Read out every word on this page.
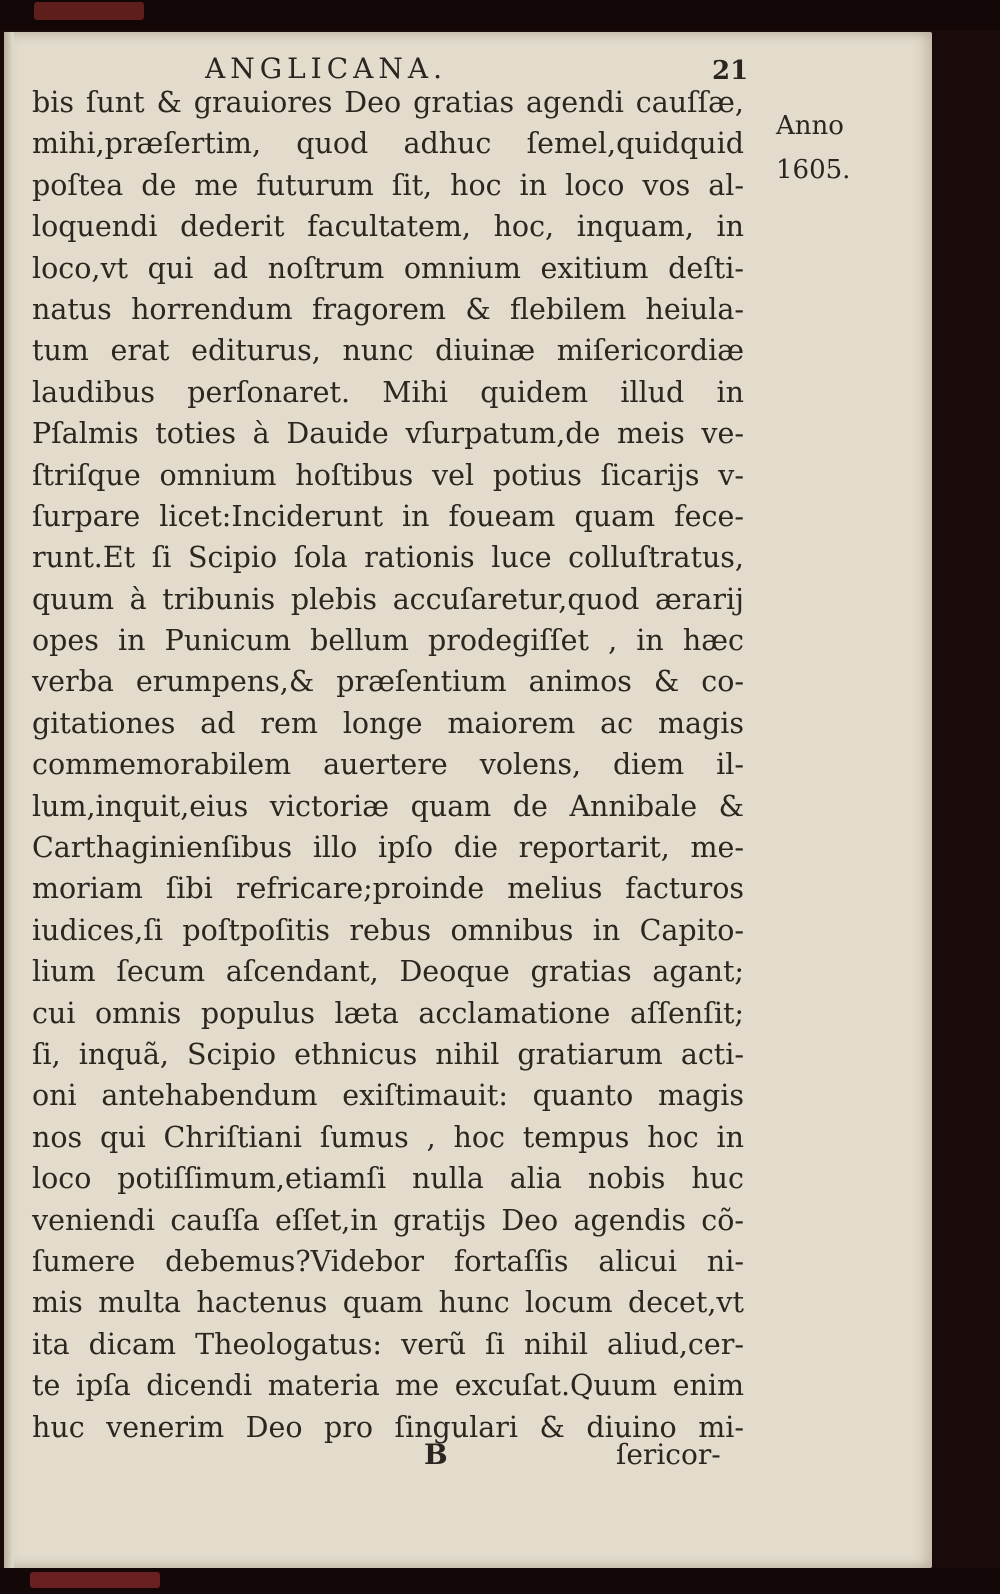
ANGLICANA.	21
Anno
1605.
bis ſunt & grauiores Deo gratias agendi cauſſæ,
mihi,præſertim, quod adhuc ſemel,quidquid
poſtea de me futurum ſit, hoc in loco vos al-
loquendi dederit facultatem, hoc, inquam, in
loco,vt qui ad noſtrum omnium exitium deſti-
natus horrendum fragorem & flebilem heiula-
tum erat editurus, nunc diuinæ miſericordiæ
laudibus perſonaret. Mihi quidem illud in
Pſalmis toties à Dauide vſurpatum,de meis ve-
ſtriſque omnium hoſtibus vel potius ſicarijs v-
ſurpare licet:Inciderunt in foueam quam fece-
runt.Et ſi Scipio ſola rationis luce colluſtratus,
quum à tribunis plebis accuſaretur,quod ærarij
opes in Punicum bellum prodegiſſet , in hæc
verba erumpens,& præſentium animos & co-
gitationes ad rem longe maiorem ac magis
commemorabilem auertere volens, diem il-
lum,inquit,eius victoriæ quam de Annibale &
Carthaginienſibus illo ipſo die reportarit, me-
moriam ſibi refricare;proinde melius facturos
iudices,ſi poſtpoſitis rebus omnibus in Capito-
lium ſecum aſcendant, Deoque gratias agant;
cui omnis populus læta acclamatione aſſenſit;
ſi, inquã, Scipio ethnicus nihil gratiarum acti-
oni antehabendum exiſtimauit: quanto magis
nos qui Chriſtiani ſumus , hoc tempus hoc in
loco potiſſimum,etiamſi nulla alia nobis huc
veniendi cauſſa eſſet,in gratijs Deo agendis cõ-
ſumere debemus?Videbor fortaſſis alicui ni-
mis multa hactenus quam hunc locum decet,vt
ita dicam Theologatus: verũ ſi nihil aliud,cer-
te ipſa dicendi materia me excuſat.Quum enim
huc venerim Deo pro ſingulari & diuino mi-
B	ſericor-
